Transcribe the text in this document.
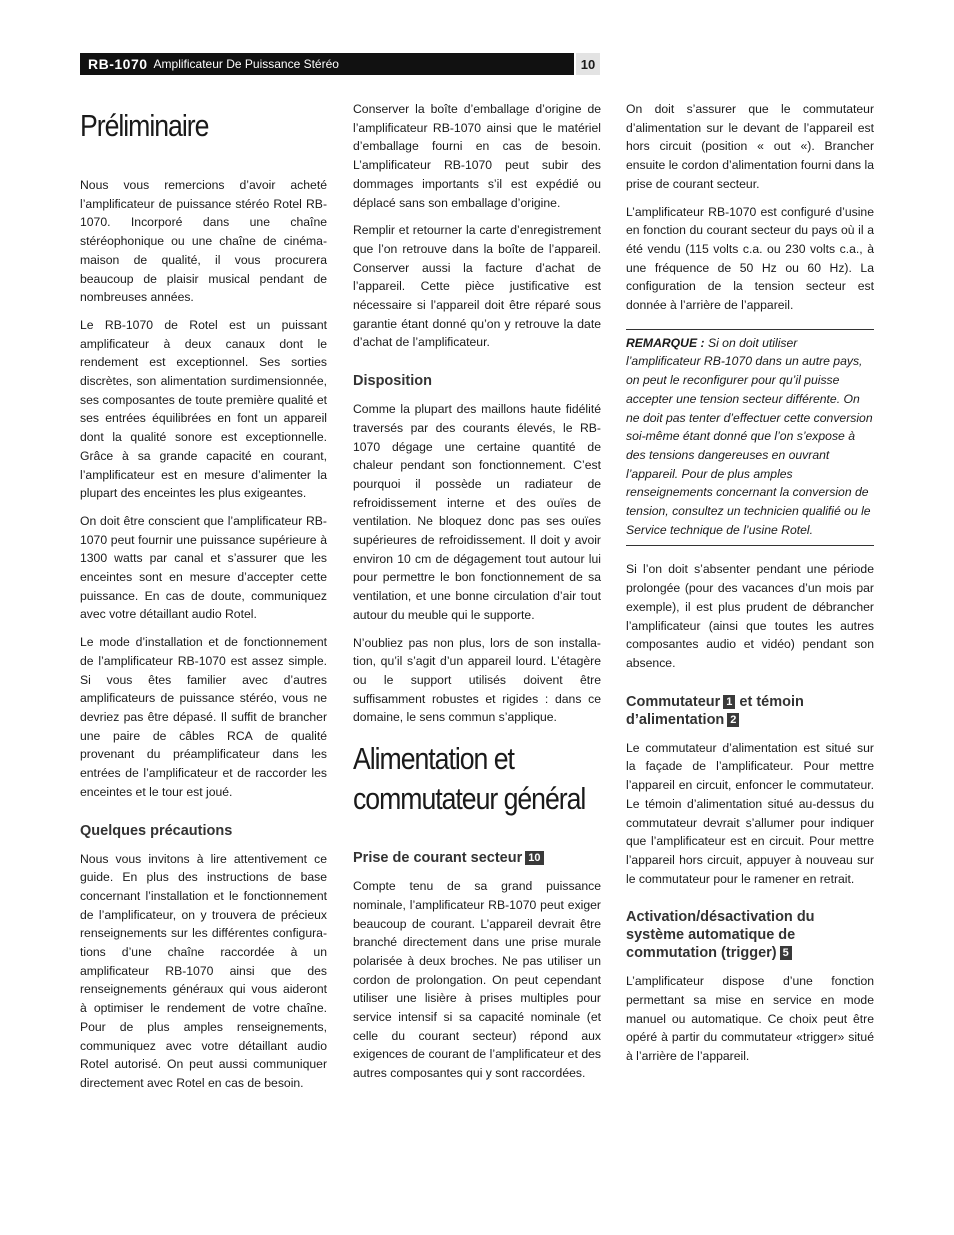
RB-1070 Amplificateur De Puissance Stéréo	10
Préliminaire

Nous vous remercions d’avoir acheté l’amplificateur de puissance stéréo Rotel RB-1070. Incorporé dans une chaîne stéréophonique ou une chaîne de cinéma-maison de qualité, il vous procurera beaucoup de plaisir musical pendant de nombreuses années.

Le RB-1070 de Rotel est un puissant amplificateur à deux canaux dont le rendement est exceptionnel. Ses sorties discrètes, son alimentation surdimensionnée, ses composantes de toute première qualité et ses entrées équilibrées en font un appareil dont la qualité sonore est exceptionnelle. Grâce à sa grande capacité en courant, l’amplificateur est en mesure d’alimenter la plupart des enceintes les plus exigeantes.

On doit être conscient que l’amplificateur RB-1070 peut fournir une puissance supérieure à 1300 watts par canal et s’assurer que les enceintes sont en mesure d’accepter cette puissance. En cas de doute, communiquez avec votre détaillant audio Rotel.

Le mode d’installation et de fonctionnement de l’amplificateur RB-1070 est assez simple. Si vous êtes familier avec d’autres amplificateurs de puissance stéréo, vous ne devriez pas être dépasé. Il suffit de brancher une paire de câbles RCA de qualité provenant du préamplificateur dans les entrées de l’amplificateur et de raccorder les enceintes et le tour est joué.

Quelques précautions

Nous vous invitons à lire attentivement ce guide. En plus des instructions de base concernant l’installation et le fonctionnement de l’amplificateur, on y trouvera de précieux renseignements sur les différentes configura-tions d’une chaîne raccordée à un amplificateur RB-1070 ainsi que des renseignements généraux qui vous aideront à optimiser le rendement de votre chaîne. Pour de plus amples renseignements, communiquez avec votre détaillant audio Rotel autorisé. On peut aussi communiquer directement avec Rotel en cas de besoin.

Conserver la boîte d’emballage d’origine de l’amplificateur RB-1070 ainsi que le matériel d’emballage fourni en cas de besoin. L’amplificateur RB-1070 peut subir des dommages importants s’il est expédié ou déplacé sans son emballage d’origine.

Remplir et retourner la carte d’enregistrement que l’on retrouve dans la boîte de l’appareil. Conserver aussi la facture d’achat de l’appareil. Cette pièce justificative est nécessaire si l’appareil doit être réparé sous garantie étant donné qu’on y retrouve la date d’achat de l’amplificateur.

Disposition

Comme la plupart des maillons haute fidélité traversés par des courants élevés, le RB-1070 dégage une certaine quantité de chaleur pendant son fonctionnement. C’est pourquoi il possède un radiateur de refroidissement interne et des ouïes de ventilation. Ne bloquez donc pas ses ouïes supérieures de refroidissement. Il doit y avoir environ 10 cm de dégagement tout autour lui pour permettre le bon fonctionnement de sa ventilation, et une bonne circulation d’air tout autour du meuble qui le supporte.

N’oubliez pas non plus, lors de son installa-tion, qu’il s’agit d’un appareil lourd. L’étagère ou le support utilisés doivent être suffisamment robustes et rigides : dans ce domaine, le sens commun s’applique.

Alimentation et commutateur général
Prise de courant secteur 10

Compte tenu de sa grand puissance nominale, l’amplificateur RB-1070 peut exiger beaucoup de courant. L’appareil devrait être branché directement dans une prise murale polarisée à deux broches. Ne pas utiliser un cordon de prolongation. On peut cependant utiliser une lisière à prises multiples pour service intensif si sa capacité nominale (et celle du courant secteur) répond aux exigences de courant de l’amplificateur et des autres composantes qui y sont raccordées.

On doit s’assurer que le commutateur d’alimentation sur le devant de l’appareil est hors circuit (position « out «). Brancher ensuite le cordon d’alimentation fourni dans la prise de courant secteur.

L’amplificateur RB-1070 est configuré d’usine en fonction du courant secteur du pays où il a été vendu (115 volts c.a. ou 230 volts c.a., à une fréquence de 50 Hz ou 60 Hz). La configuration de la tension secteur est donnée à l’arrière de l’appareil.

REMARQUE : Si on doit utiliser l’amplificateur RB-1070 dans un autre pays, on peut le reconfigurer pour qu’il puisse accepter une tension secteur différente. On ne doit pas tenter d’effectuer cette conversion soi-même étant donné que l’on s’expose à des tensions dangereuses en ouvrant l’appareil. Pour de plus amples renseignements concernant la conversion de tension, consultez un technicien qualifié ou le Service technique de l’usine Rotel.

Si l’on doit s’absenter pendant une période prolongée (pour des vacances d’un mois par exemple), il est plus prudent de débrancher l’amplificateur (ainsi que toutes les autres composantes audio et vidéo) pendant son absence.

Commutateur 1 et témoin d’alimentation 2

Le commutateur d’alimentation est situé sur la façade de l’amplificateur. Pour mettre l’appareil en circuit, enfoncer le commutateur. Le témoin d’alimentation situé au-dessus du commutateur devrait s’allumer pour indiquer que l’amplificateur est en circuit. Pour mettre l’appareil hors circuit, appuyer à nouveau sur le commutateur pour le ramener en retrait.

Activation/désactivation du système automatique de commutation (trigger) 5

L’amplificateur dispose d’une fonction permettant sa mise en service en mode manuel ou automatique. Ce choix peut être opéré à partir du commutateur «trigger» situé à l’arrière de l’appareil.
